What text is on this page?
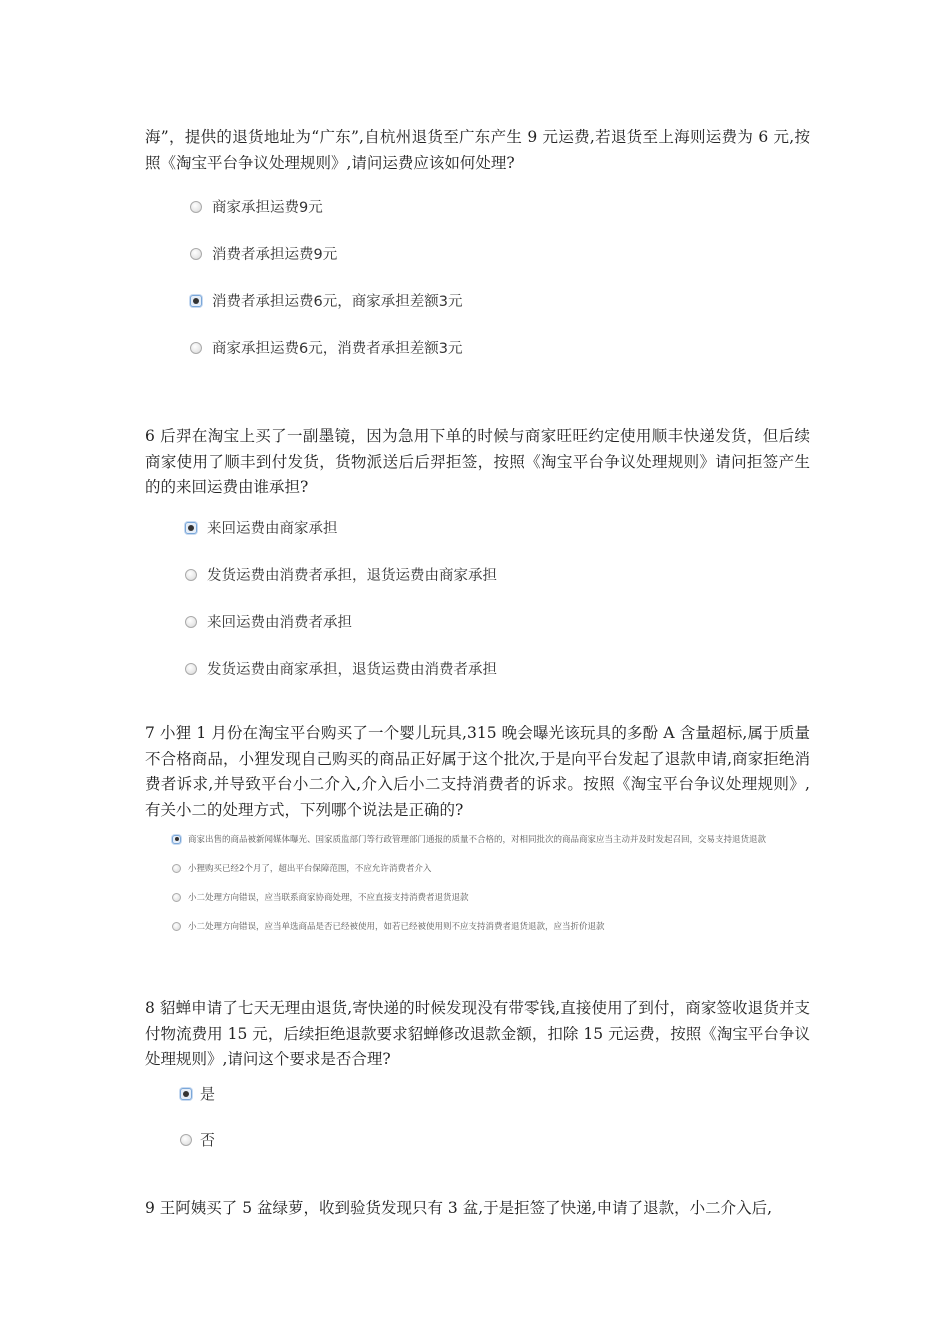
海”，提供的退货地址为“广东”,自杭州退货至广东产生 9 元运费,若退货至上海则运费为 6 元,按照《淘宝平台争议处理规则》,请问运费应该如何处理?

商家承担运费9元
消费者承担运费9元
消费者承担运费6元，商家承担差额3元
商家承担运费6元，消费者承担差额3元

6 后羿在淘宝上买了一副墨镜，因为急用下单的时候与商家旺旺约定使用顺丰快递发货，但后续商家使用了顺丰到付发货，货物派送后后羿拒签，按照《淘宝平台争议处理规则》请问拒签产生的的来回运费由谁承担?

来回运费由商家承担
发货运费由消费者承担，退货运费由商家承担
来回运费由消费者承担
发货运费由商家承担，退货运费由消费者承担

7 小狸 1 月份在淘宝平台购买了一个婴儿玩具,315 晚会曝光该玩具的多酚 A 含量超标,属于质量不合格商品，小狸发现自己购买的商品正好属于这个批次,于是向平台发起了退款申请,商家拒绝消费者诉求,并导致平台小二介入,介入后小二支持消费者的诉求。按照《淘宝平台争议处理规则》,有关小二的处理方式，下列哪个说法是正确的?

商家出售的商品被新闻媒体曝光、国家质监部门等行政管理部门通报的质量不合格的，对相同批次的商品商家应当主动并及时发起召回，交易支持退货退款
小狸购买已经2个月了，超出平台保障范围，不应允许消费者介入
小二处理方向错误，应当联系商家协商处理，不应直接支持消费者退货退款
小二处理方向错误，应当单选商品是否已经被使用，如若已经被使用则不应支持消费者退货退款，应当折价退款

8 貂蝉申请了七天无理由退货,寄快递的时候发现没有带零钱,直接使用了到付，商家签收退货并支付物流费用 15 元，后续拒绝退款要求貂蝉修改退款金额，扣除 15 元运费，按照《淘宝平台争议处理规则》,请问这个要求是否合理?

是
否

9 王阿姨买了 5 盆绿萝，收到验货发现只有 3 盆,于是拒签了快递,申请了退款，小二介入后,
